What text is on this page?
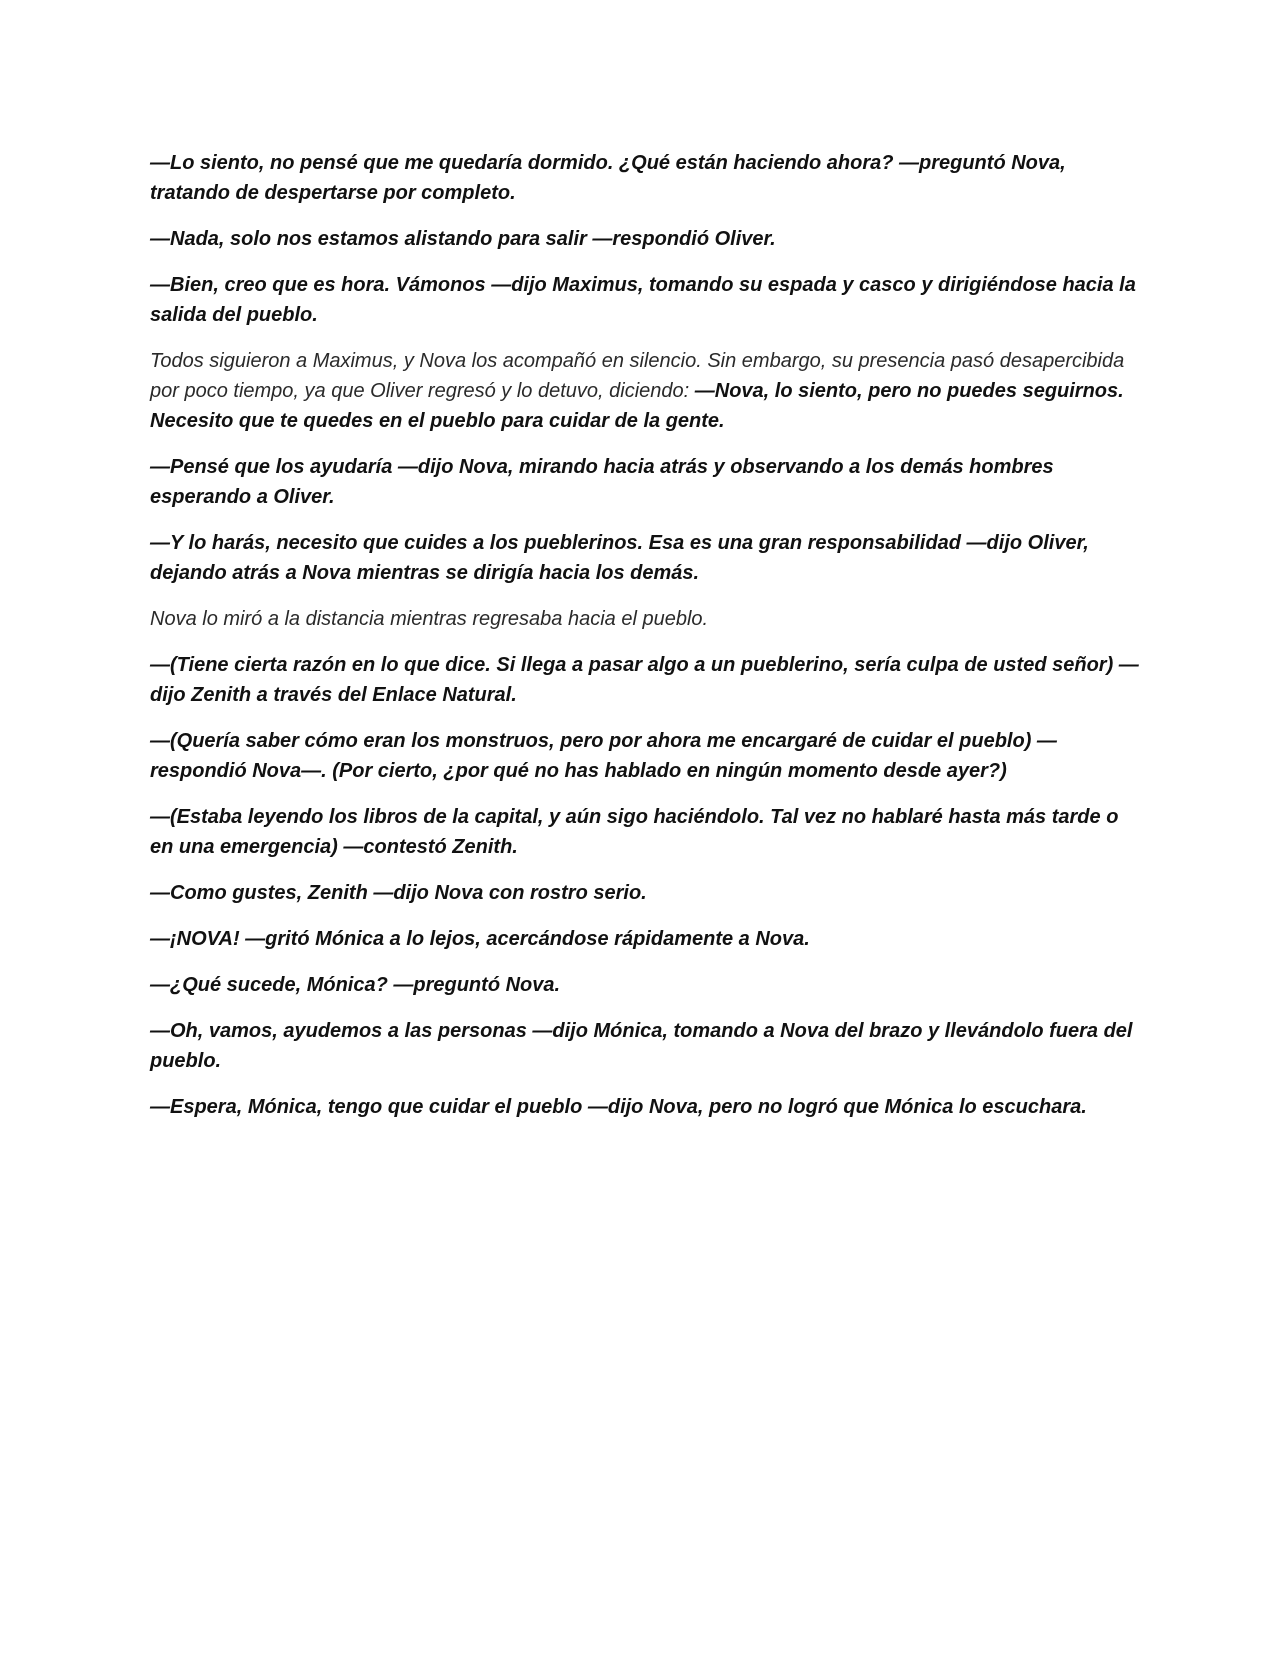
—Lo siento, no pensé que me quedaría dormido. ¿Qué están haciendo ahora? —preguntó Nova, tratando de despertarse por completo.

—Nada, solo nos estamos alistando para salir —respondió Oliver.

—Bien, creo que es hora. Vámonos —dijo Maximus, tomando su espada y casco y dirigiéndose hacia la salida del pueblo.

Todos siguieron a Maximus, y Nova los acompañó en silencio. Sin embargo, su presencia pasó desapercibida por poco tiempo, ya que Oliver regresó y lo detuvo, diciendo: —Nova, lo siento, pero no puedes seguirnos. Necesito que te quedes en el pueblo para cuidar de la gente.

—Pensé que los ayudaría —dijo Nova, mirando hacia atrás y observando a los demás hombres esperando a Oliver.

—Y lo harás, necesito que cuides a los pueblerinos. Esa es una gran responsabilidad —dijo Oliver, dejando atrás a Nova mientras se dirigía hacia los demás.

Nova lo miró a la distancia mientras regresaba hacia el pueblo.

—(Tiene cierta razón en lo que dice. Si llega a pasar algo a un pueblerino, sería culpa de usted señor) —dijo Zenith a través del Enlace Natural.

—(Quería saber cómo eran los monstruos, pero por ahora me encargaré de cuidar el pueblo) —respondió Nova—. (Por cierto, ¿por qué no has hablado en ningún momento desde ayer?)

—(Estaba leyendo los libros de la capital, y aún sigo haciéndolo. Tal vez no hablaré hasta más tarde o en una emergencia) —contestó Zenith.

—Como gustes, Zenith —dijo Nova con rostro serio.

—¡NOVA! —gritó Mónica a lo lejos, acercándose rápidamente a Nova.

—¿Qué sucede, Mónica? —preguntó Nova.

—Oh, vamos, ayudemos a las personas —dijo Mónica, tomando a Nova del brazo y llevándolo fuera del pueblo.

—Espera, Mónica, tengo que cuidar el pueblo —dijo Nova, pero no logró que Mónica lo escuchara.
